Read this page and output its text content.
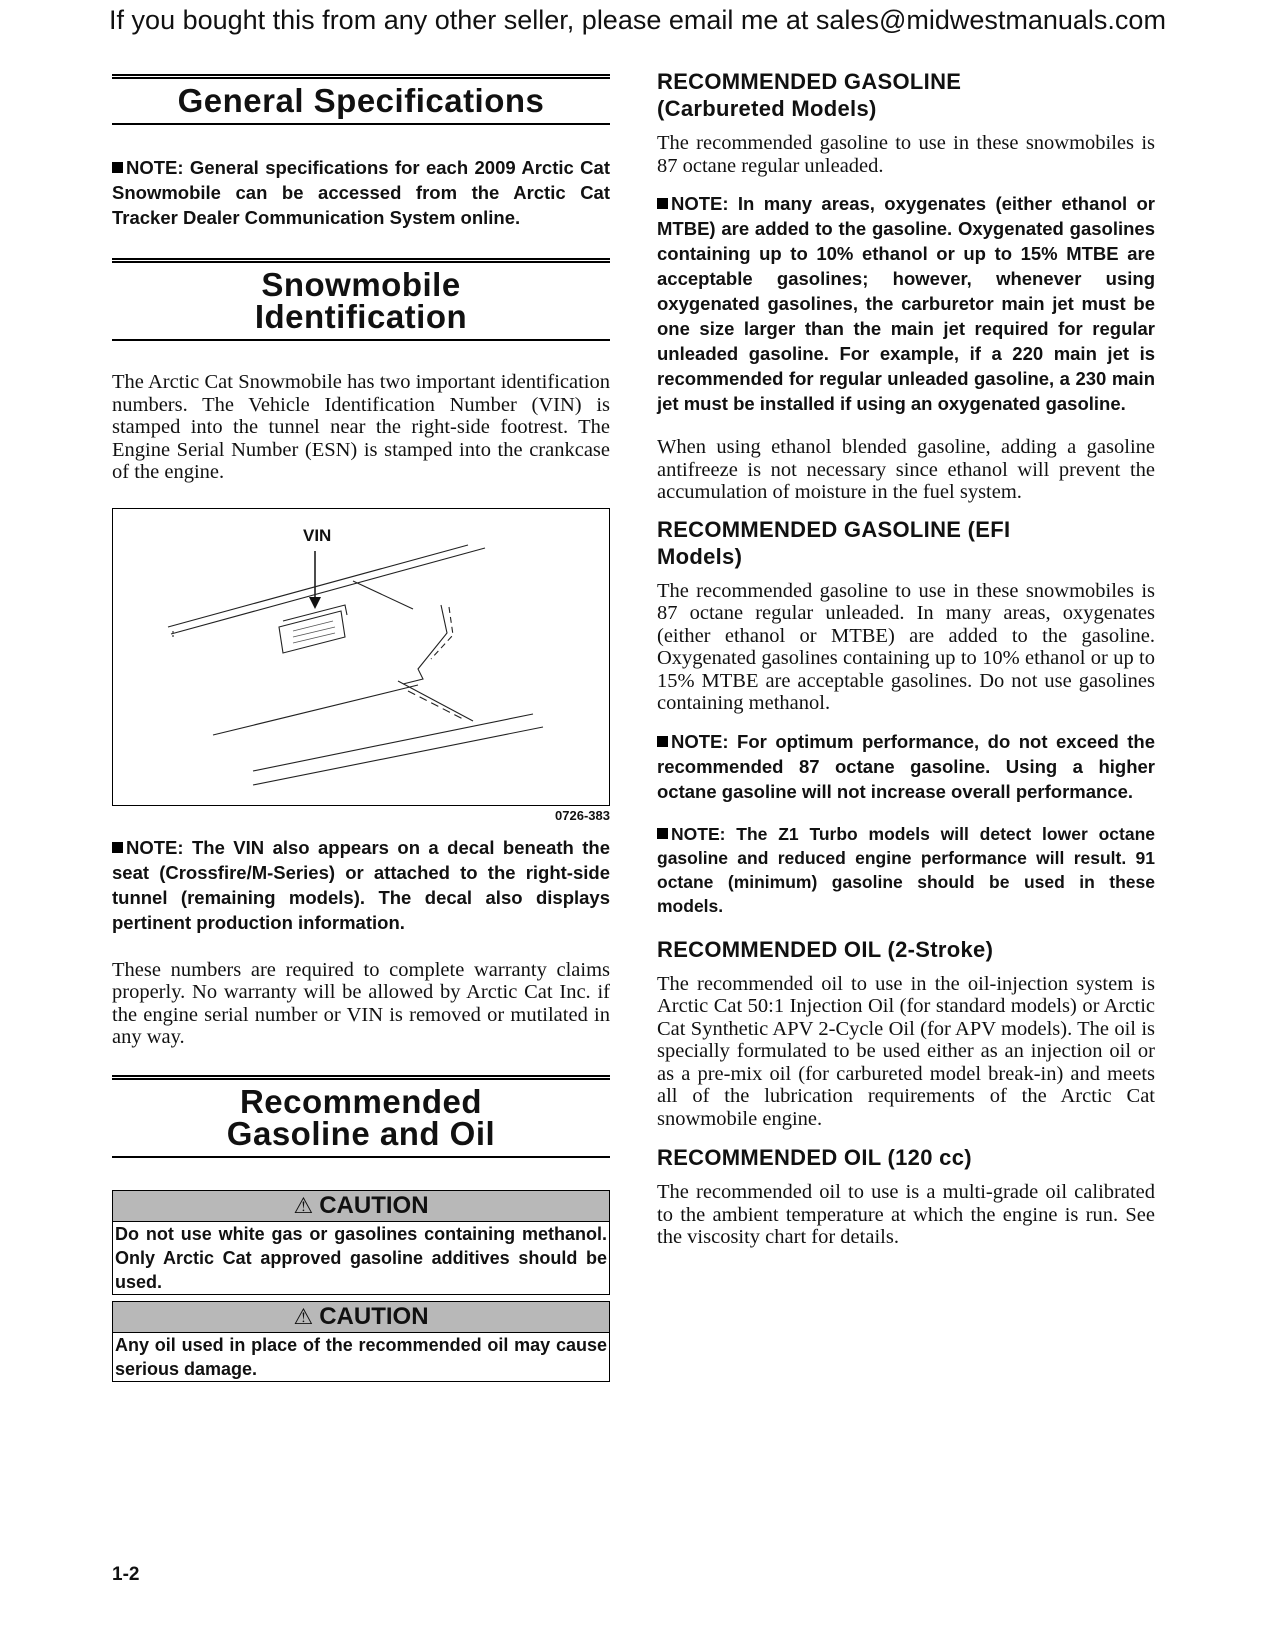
If you bought this from any other seller, please email me at sales@midwestmanuals.com
General Specifications

NOTE: General specifications for each 2009 Arctic Cat Snowmobile can be accessed from the Arctic Cat Tracker Dealer Communication System online.

Snowmobile Identification

The Arctic Cat Snowmobile has two important identification numbers. The Vehicle Identification Number (VIN) is stamped into the tunnel near the right-side footrest. The Engine Serial Number (ESN) is stamped into the crankcase of the engine.

VIN
0726-383

NOTE: The VIN also appears on a decal beneath the seat (Crossfire/M-Series) or attached to the right-side tunnel (remaining models). The decal also displays pertinent production information.

These numbers are required to complete warranty claims properly. No warranty will be allowed by Arctic Cat Inc. if the engine serial number or VIN is removed or mutilated in any way.

Recommended Gasoline and Oil
⚠ CAUTION
Do not use white gas or gasolines containing methanol. Only Arctic Cat approved gasoline additives should be used.
⚠ CAUTION
Any oil used in place of the recommended oil may cause serious damage.
RECOMMENDED GASOLINE (Carbureted Models)

The recommended gasoline to use in these snowmobiles is 87 octane regular unleaded.

NOTE: In many areas, oxygenates (either ethanol or MTBE) are added to the gasoline. Oxygenated gasolines containing up to 10% ethanol or up to 15% MTBE are acceptable gasolines; however, whenever using oxygenated gasolines, the carburetor main jet must be one size larger than the main jet required for regular unleaded gasoline. For example, if a 220 main jet is recommended for regular unleaded gasoline, a 230 main jet must be installed if using an oxygenated gasoline.

When using ethanol blended gasoline, adding a gasoline antifreeze is not necessary since ethanol will prevent the accumulation of moisture in the fuel system.

RECOMMENDED GASOLINE (EFI Models)

The recommended gasoline to use in these snowmobiles is 87 octane regular unleaded. In many areas, oxygenates (either ethanol or MTBE) are added to the gasoline. Oxygenated gasolines containing up to 10% ethanol or up to 15% MTBE are acceptable gasolines. Do not use gasolines containing methanol.

NOTE: For optimum performance, do not exceed the recommended 87 octane gasoline. Using a higher octane gasoline will not increase overall performance.

NOTE: The Z1 Turbo models will detect lower octane gasoline and reduced engine performance will result. 91 octane (minimum) gasoline should be used in these models.

RECOMMENDED OIL (2-Stroke)

The recommended oil to use in the oil-injection system is Arctic Cat 50:1 Injection Oil (for standard models) or Arctic Cat Synthetic APV 2-Cycle Oil (for APV models). The oil is specially formulated to be used either as an injection oil or as a pre-mix oil (for carbureted model break-in) and meets all of the lubrication requirements of the Arctic Cat snowmobile engine.

RECOMMENDED OIL (120 cc)

The recommended oil to use is a multi-grade oil calibrated to the ambient temperature at which the engine is run. See the viscosity chart for details.

1-2
